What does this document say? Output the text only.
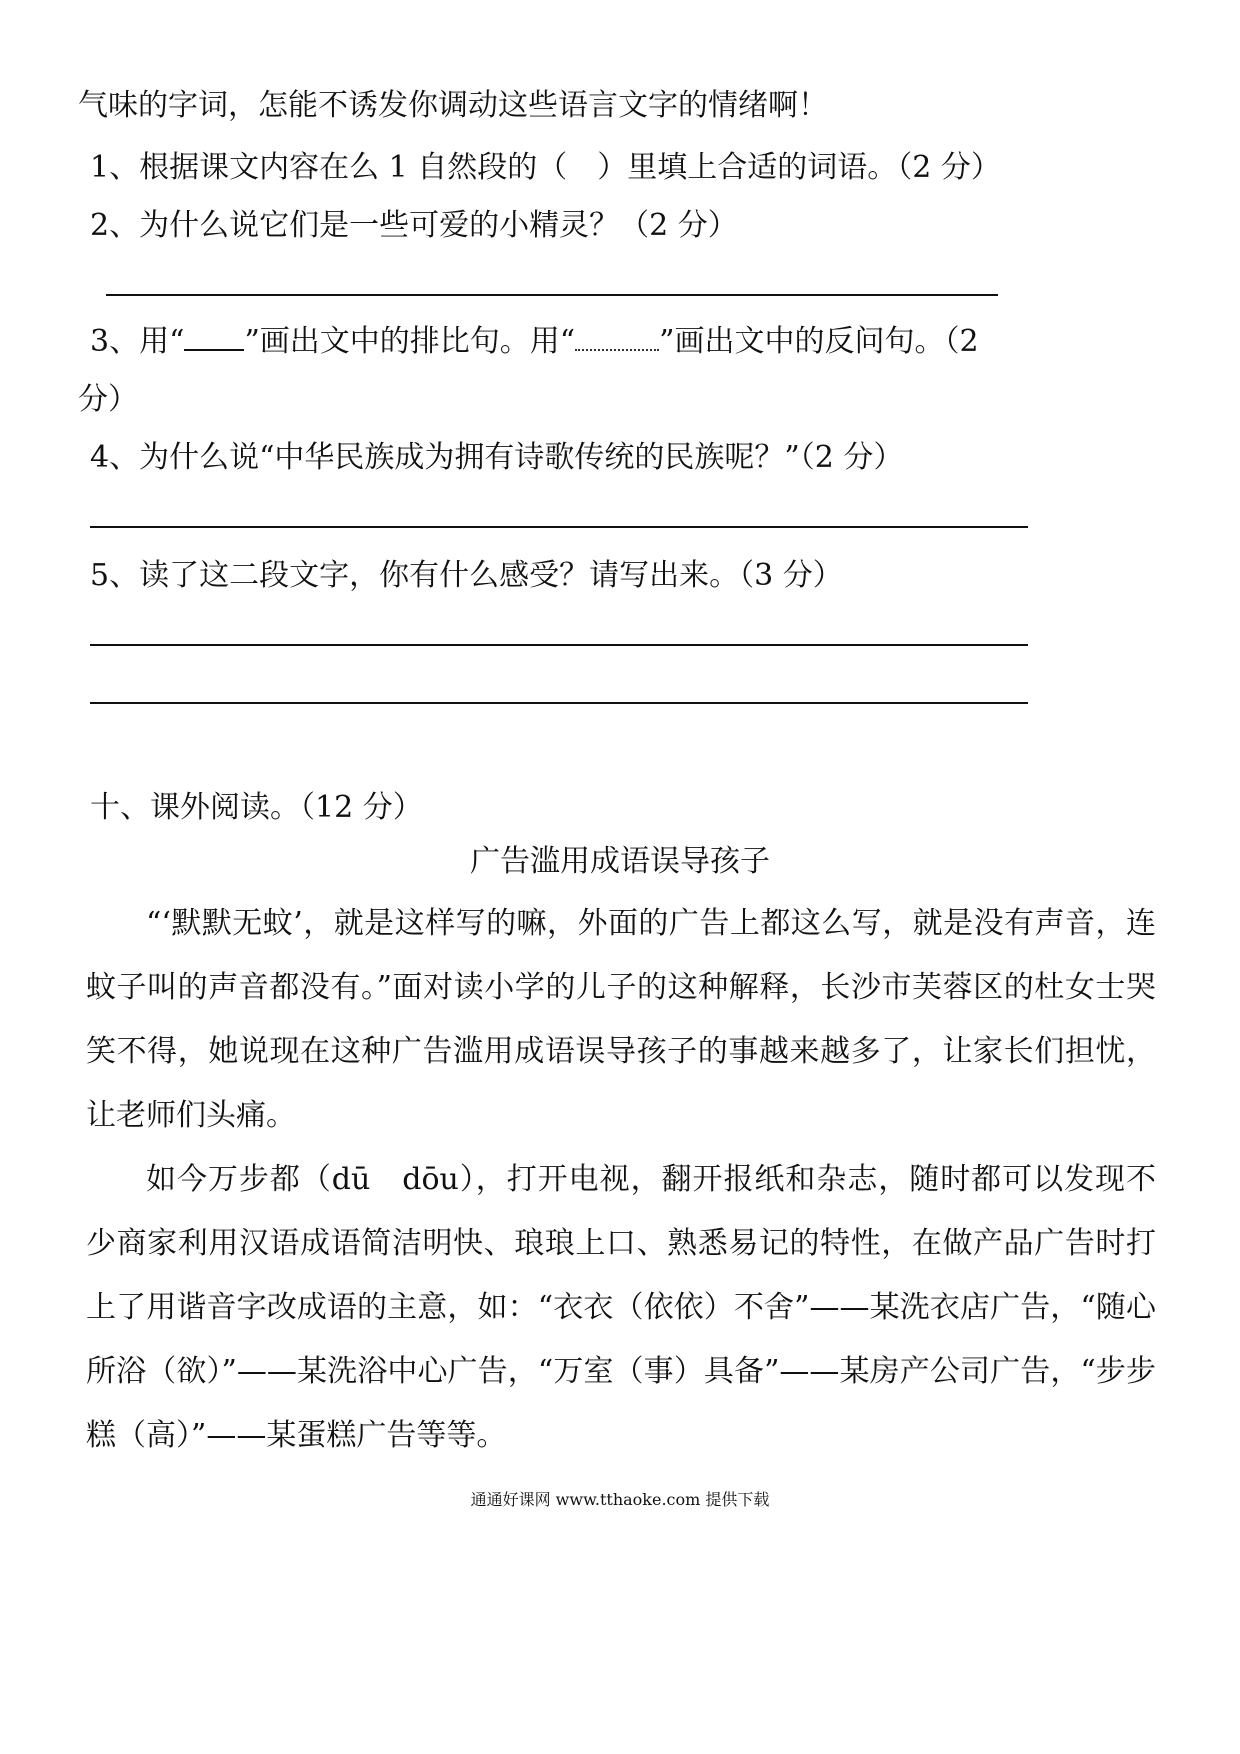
气味的字词，怎能不诱发你调动这些语言文字的情绪啊！
1、根据课文内容在么 1 自然段的（　）里填上合适的词语。（2 分）
2、为什么说它们是一些可爱的小精灵？（2 分）
3、用“ ”画出文中的排比句。用“	”画出文中的反问句。（2
分）
4、为什么说“中华民族成为拥有诗歌传统的民族呢？”（2 分）
5、读了这二段文字，你有什么感受？请写出来。（3 分）
十、课外阅读。（12 分）
广告滥用成语误导孩子
“‘默默无蚊’，就是这样写的嘛，外面的广告上都这么写，就是没有声音，连蚊子叫的声音都没有。”面对读小学的儿子的这种解释，长沙市芙蓉区的杜女士哭笑不得，她说现在这种广告滥用成语误导孩子的事越来越多了，让家长们担忧，让老师们头痛。
如今万步都（dū　dōu），打开电视，翻开报纸和杂志，随时都可以发现不少商家利用汉语成语简洁明快、琅琅上口、熟悉易记的特性，在做产品广告时打上了用谐音字改成语的主意，如：“衣衣（依依）不舍”——某洗衣店广告，“随心所浴（欲）”——某洗浴中心广告，“万室（事）具备”——某房产公司广告，“步步糕（高）”——某蛋糕广告等等。
通通好课网 www.tthaoke.com 提供下载
